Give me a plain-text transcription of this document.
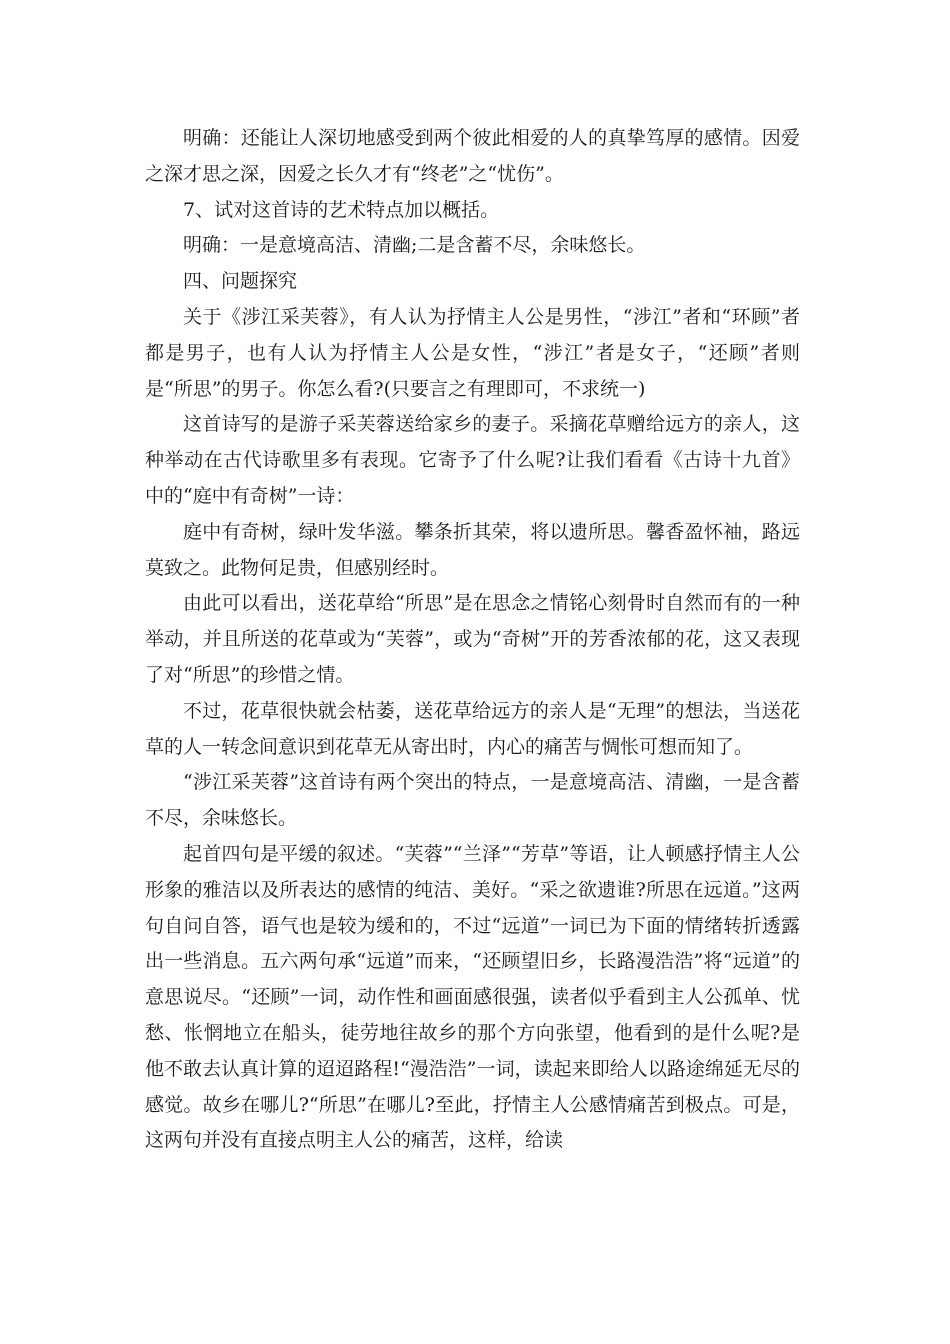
明确：还能让人深切地感受到两个彼此相爱的人的真挚笃厚的感情。因爱之深才思之深，因爱之长久才有“终老”之“忧伤”。

7、试对这首诗的艺术特点加以概括。

明确：一是意境高洁、清幽;二是含蓄不尽，余味悠长。

四、问题探究

关于《涉江采芙蓉》，有人认为抒情主人公是男性，“涉江”者和“环顾”者都是男子，也有人认为抒情主人公是女性，“涉江”者是女子，“还顾”者则是“所思”的男子。你怎么看?(只要言之有理即可，不求统一)

这首诗写的是游子采芙蓉送给家乡的妻子。采摘花草赠给远方的亲人，这种举动在古代诗歌里多有表现。它寄予了什么呢?让我们看看《古诗十九首》中的“庭中有奇树”一诗：

庭中有奇树，绿叶发华滋。攀条折其荣，将以遗所思。馨香盈怀袖，路远莫致之。此物何足贵，但感别经时。

由此可以看出，送花草给“所思”是在思念之情铭心刻骨时自然而有的一种举动，并且所送的花草或为“芙蓉”，或为“奇树”开的芳香浓郁的花，这又表现了对“所思”的珍惜之情。

不过，花草很快就会枯萎，送花草给远方的亲人是“无理”的想法，当送花草的人一转念间意识到花草无从寄出时，内心的痛苦与惆怅可想而知了。

“涉江采芙蓉”这首诗有两个突出的特点，一是意境高洁、清幽，一是含蓄不尽，余味悠长。

起首四句是平缓的叙述。“芙蓉”“兰泽”“芳草”等语，让人顿感抒情主人公形象的雅洁以及所表达的感情的纯洁、美好。“采之欲遗谁?所思在远道。”这两句自问自答，语气也是较为缓和的，不过“远道”一词已为下面的情绪转折透露出一些消息。五六两句承“远道”而来，“还顾望旧乡，长路漫浩浩”将“远道”的意思说尽。“还顾”一词，动作性和画面感很强，读者似乎看到主人公孤单、忧愁、怅惘地立在船头，徒劳地往故乡的那个方向张望，他看到的是什么呢?是他不敢去认真计算的迢迢路程!“漫浩浩”一词，读起来即给人以路途绵延无尽的感觉。故乡在哪儿?“所思”在哪儿?至此，抒情主人公感情痛苦到极点。可是，这两句并没有直接点明主人公的痛苦，这样，给读
